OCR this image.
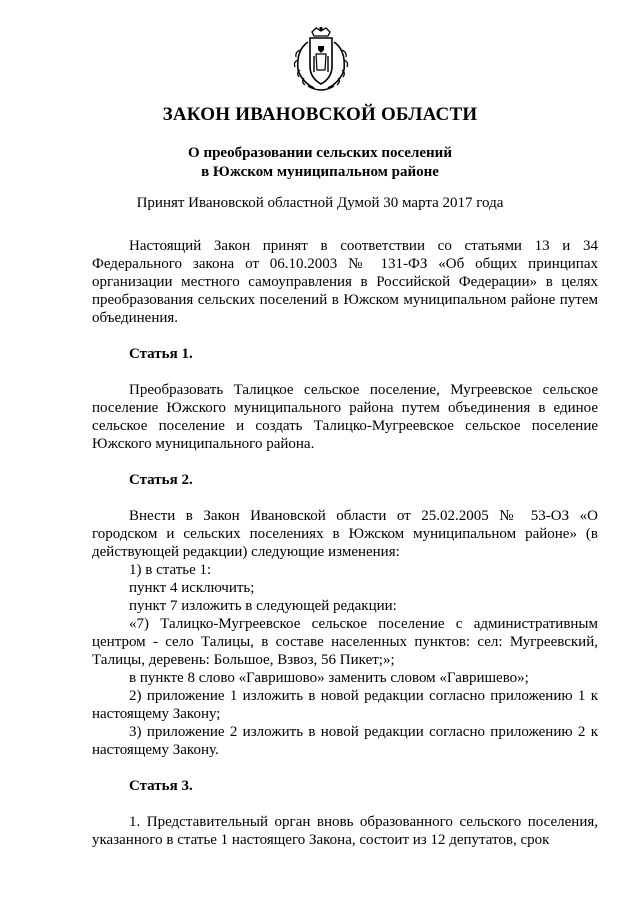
ЗАКОН ИВАНОВСКОЙ ОБЛАСТИ
О преобразовании сельских поселений
в Южском муниципальном районе
Принят Ивановской областной Думой 30 марта 2017 года

Настоящий Закон принят в соответствии со статьями 13 и 34 Федерального закона от 06.10.2003 № 131-ФЗ «Об общих принципах организации местного самоуправления в Российской Федерации» в целях преобразования сельских поселений в Южском муниципальном районе путем объединения.

Статья 1.

Преобразовать Талицкое сельское поселение, Мугреевское сельское поселение Южского муниципального района путем объединения в единое сельское поселение и создать Талицко-Мугреевское сельское поселение Южского муниципального района.

Статья 2.

Внести в Закон Ивановской области от 25.02.2005 № 53-ОЗ «О городском и сельских поселениях в Южском муниципальном районе» (в действующей редакции) следующие изменения:

1) в статье 1:

пункт 4 исключить;

пункт 7 изложить в следующей редакции:

«7) Талицко-Мугреевское сельское поселение с административным центром - село Талицы, в составе населенных пунктов: сел: Мугреевский, Талицы, деревень: Большое, Взвоз, 56 Пикет;»;

в пункте 8 слово «Гавришово» заменить словом «Гавришево»;

2) приложение 1 изложить в новой редакции согласно приложению 1 к настоящему Закону;

3) приложение 2 изложить в новой редакции согласно приложению 2 к настоящему Закону.

Статья 3.

1. Представительный орган вновь образованного сельского поселения, указанного в статье 1 настоящего Закона, состоит из 12 депутатов, срок
